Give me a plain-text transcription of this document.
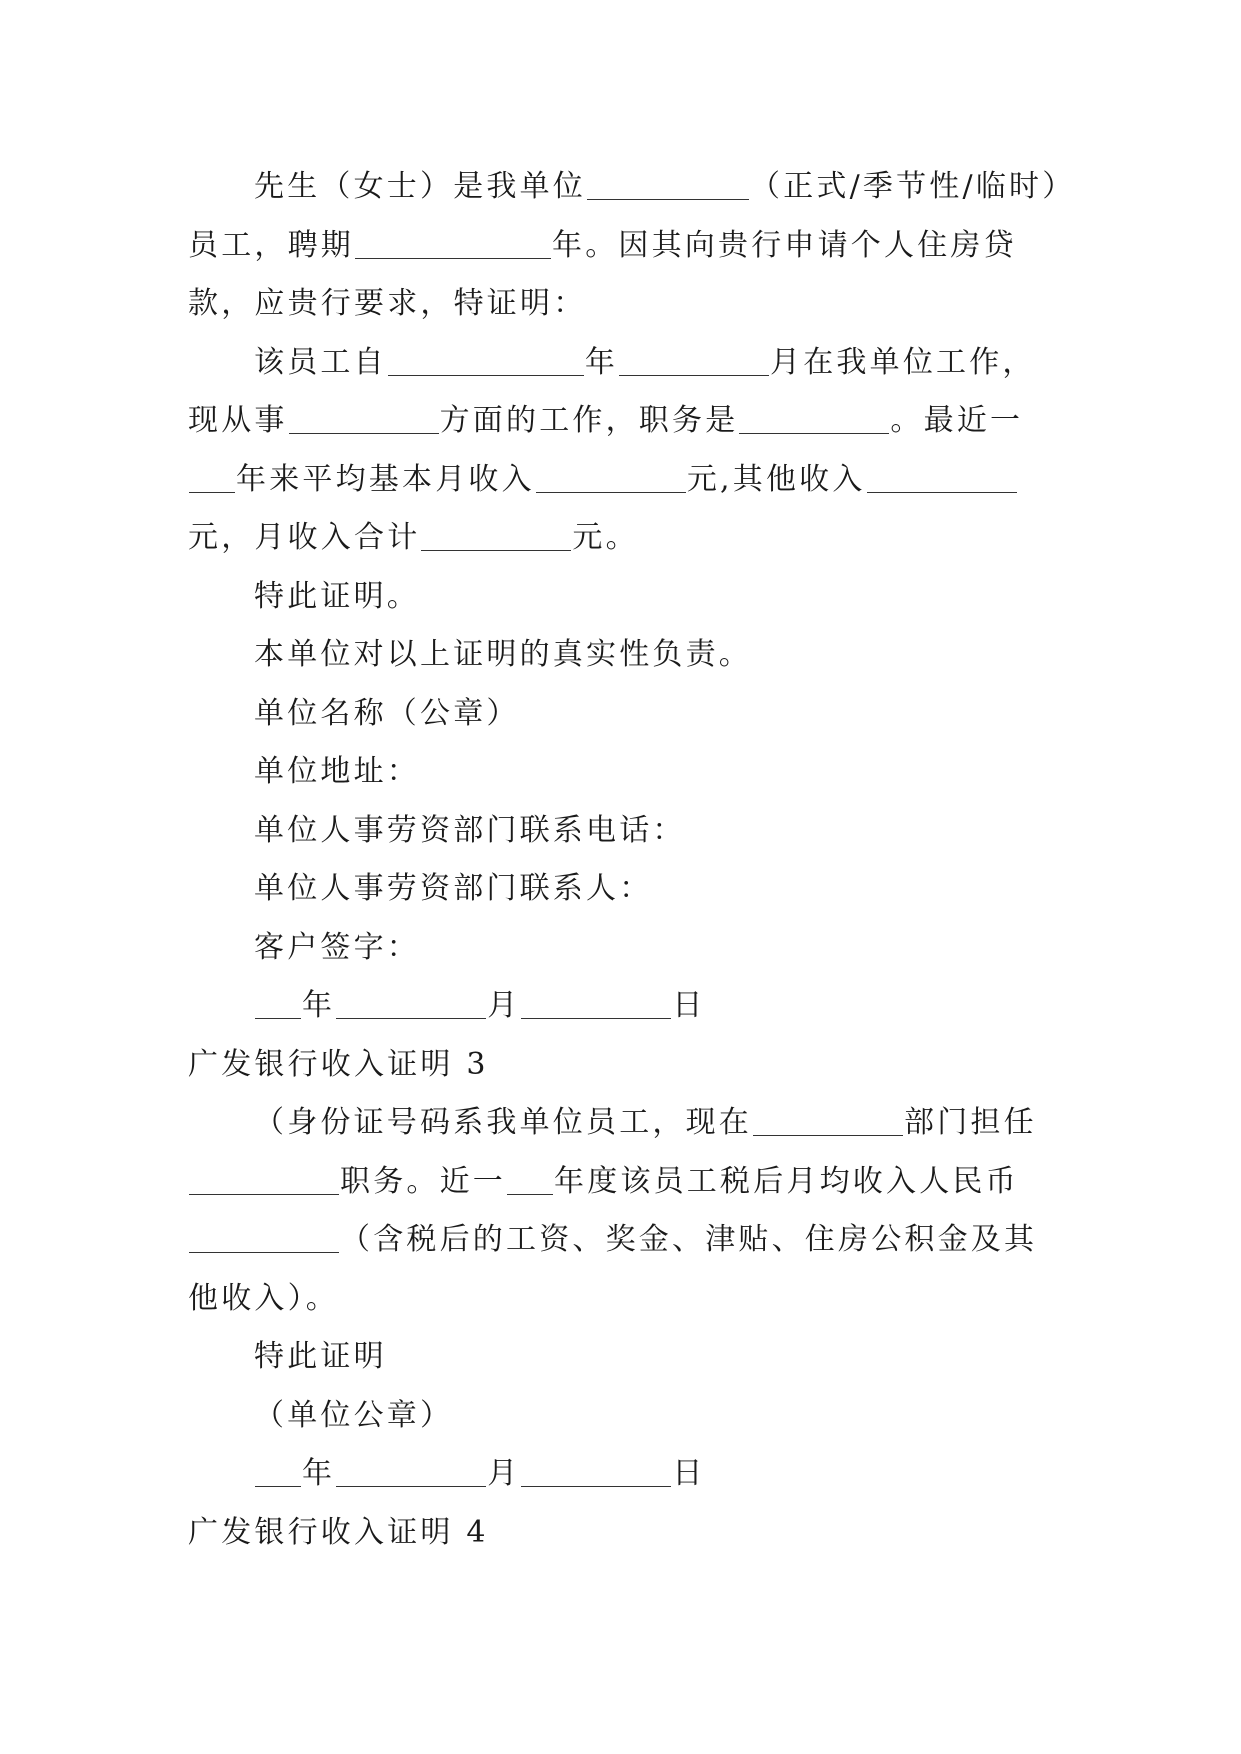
先生（女士）是我单位	（正式/季节性/临时）
员工，聘期	年。因其向贵行申请个人住房贷
款，应贵行要求，特证明：
该员工自	年	月在我单位工作，
现从事	方面的工作，职务是	。最近一
年来平均基本月收入	元,其他收入
元，月收入合计	元。
特此证明。
本单位对以上证明的真实性负责。
单位名称（公章）
单位地址：
单位人事劳资部门联系电话：
单位人事劳资部门联系人：
客户签字：
年	月	日
广发银行收入证明 3
（身份证号码系我单位员工，现在	部门担任
职务。近一 年度该员工税后月均收入人民币
（含税后的工资、奖金、津贴、住房公积金及其
他收入）。
特此证明
（单位公章）
年	月	日
广发银行收入证明 4
